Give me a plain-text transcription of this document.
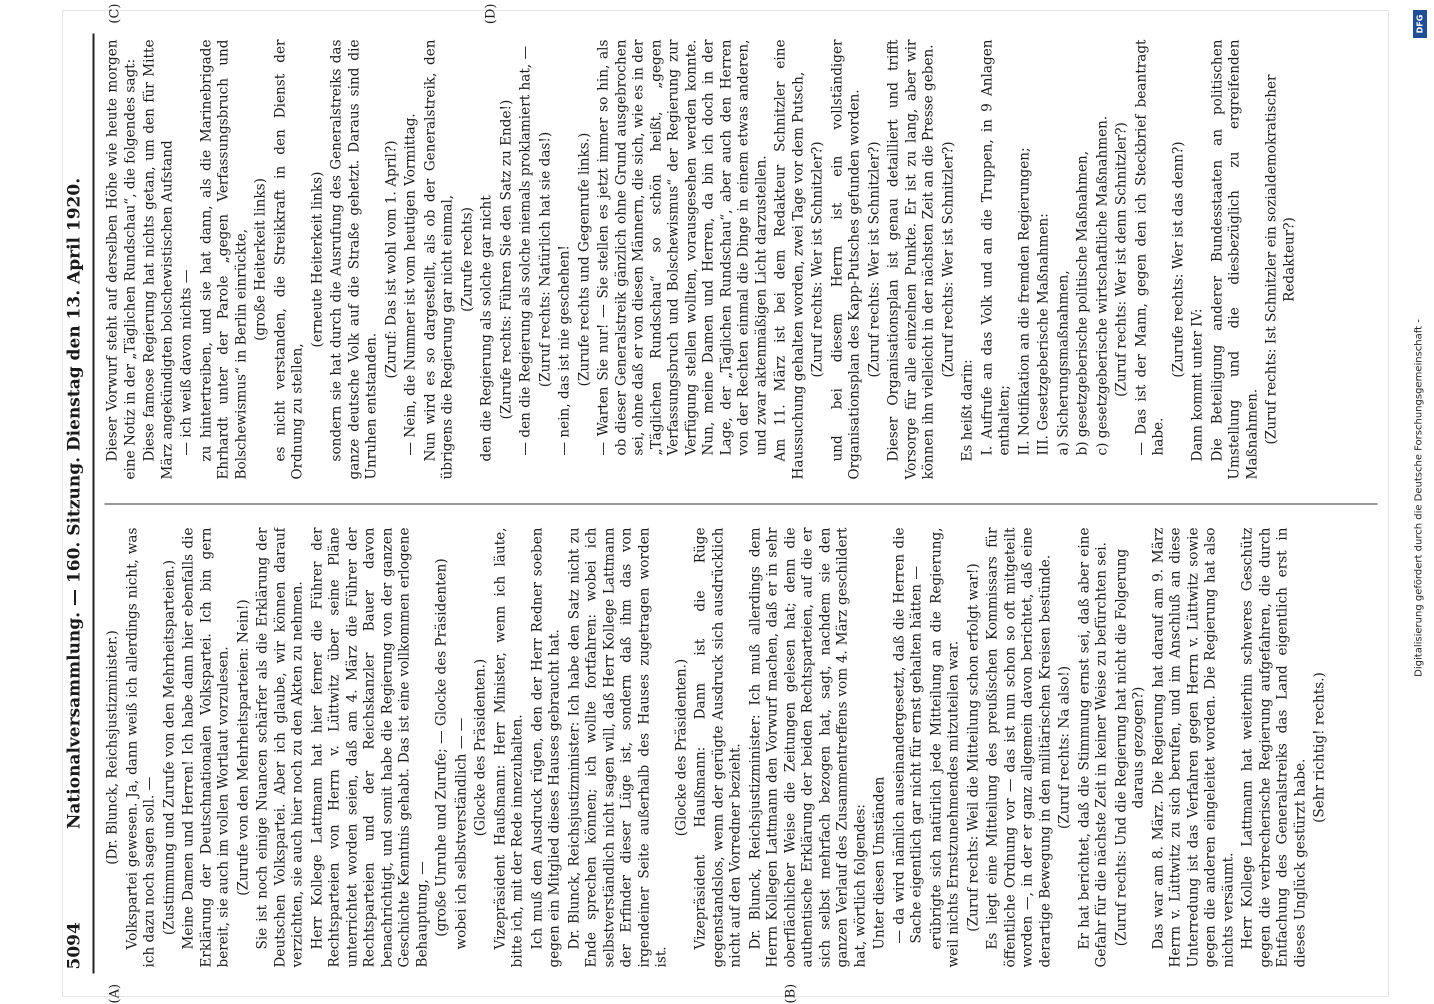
5094
Nationalversammlung. — 160. Sitzung. Dienstag den 13. April 1920.
(A)	(B)
(C)	(D)

(Dr. Blunck, Reichsjustizminister.) Volkspartei gewesen. Ja, dann weiß ich allerdings nicht, was ich dazu noch sagen soll. — (Zustimmung und Zurufe von den Mehrheitsparteien.) Meine Damen und Herren! Ich habe dann hier ebenfalls die Erklärung der Deutschnationalen Volkspartei. Ich bin gern bereit, sie auch im vollen Wortlaut vorzulesen. (Zurufe von den Mehrheitsparteien: Nein!) Sie ist noch einige Nuancen schärfer als die Erklärung der Deutschen Volkspartei. Aber ich glaube, wir können darauf verzichten, sie auch hier noch zu den Akten zu nehmen. Herr Kollege Lattmann hat hier ferner die Führer der Rechtsparteien von Herrn v. Lüttwitz über seine Pläne unterrichtet worden seien, daß am 4. März die Führer der Rechtsparteien und der Reichskanzler Bauer davon benachrichtigt, und somit habe die Regierung von der ganzen Geschichte Kenntnis gehabt. Das ist eine vollkommen erlogene Behauptung, — (große Unruhe und Zurufe; — Glocke des Präsidenten) wobei ich selbstverständlich — — (Glocke des Präsidenten.) Vizepräsident Haußmann: Herr Minister, wenn ich läute, bitte ich, mit der Rede innezuhalten. Ich muß den Ausdruck rügen, den der Herr Redner soeben gegen ein Mitglied dieses Hauses gebraucht hat. Dr. Blunck, Reichsjustizminister: Ich habe den Satz nicht zu Ende sprechen können; ich wollte fortfahren: wobei ich selbstverständlich nicht sagen will, daß Herr Kollege Lattmann der Erfinder dieser Lüge ist, sondern daß ihm das von irgendeiner Seite außerhalb des Hauses zugetragen worden ist.

(Glocke des Präsidenten.) Vizepräsident Haußmann: Dann ist die Rüge gegenstandslos, wenn der gerügte Ausdruck sich ausdrücklich nicht auf den Vorredner bezieht. Dr. Blunck, Reichsjustizminister: Ich muß allerdings dem Herrn Kollegen Lattmann den Vorwurf machen, daß er in sehr oberflächlicher Weise die Zeitungen gelesen hat; denn die authentische Erklärung der beiden Rechtsparteien, auf die er sich selbst mehrfach bezogen hat, sagt, nachdem sie den ganzen Verlauf des Zusammentreffens vom 4. März geschildert hat, wörtlich folgendes: Unter diesen Umständen — da wird nämlich auseinandergesetzt, daß die Herren die Sache eigentlich gar nicht für ernst gehalten hätten — erübrigte sich natürlich jede Mitteilung an die Regierung, weil nichts Ernstzunehmendes mitzuteilen war. (Zuruf rechts: Weil die Mitteilung schon erfolgt war!) Es liegt eine Mitteilung des preußischen Kommissars für öffentliche Ordnung vor — das ist nun schon so oft mitgeteilt worden —, in der er ganz allgemein davon berichtet, daß eine derartige Bewegung in den militärischen Kreisen bestünde. (Zuruf rechts: Na also!) Er hat berichtet, daß die Stimmung ernst sei, daß aber eine Gefahr für die nächste Zeit in keiner Weise zu befürchten sei. (Zuruf rechts: Und die Regierung hat nicht die Folgerung daraus gezogen?) Das war am 8. März. Die Regierung hat darauf am 9. März Herrn v. Lüttwitz zu sich berufen, und im Anschluß an diese Unterredung ist das Verfahren gegen Herrn v. Lüttwitz sowie gegen die anderen eingeleitet worden. Die Regierung hat also nichts versäumt. Herr Kollege Lattmann hat weiterhin schweres Geschütz gegen die verbrecherische Regierung aufgefahren, die durch Entfachung des Generalstreiks das Land eigentlich erst in dieses Unglück gestürzt habe.

(Sehr richtig! rechts.)

Dieser Vorwurf steht auf derselben Höhe wie heute morgen eine Notiz in der „Täglichen Rundschau“, die folgendes sagt: Diese famose Regierung hat nichts getan, um den für Mitte März angekündigten bolschewistischen Aufstand — ich weiß davon nichts — zu hintertreiben, und sie hat dann, als die Marinebrigade Ehrhardt unter der Parole „gegen Verfassungsbruch und Bolschewismus“ in Berlin einrückte, (große Heiterkeit links) es nicht verstanden, die Streikkraft in den Dienst der Ordnung zu stellen,

(erneute Heiterkeit links) sondern sie hat durch die Ausrufung des Generalstreiks das ganze deutsche Volk auf die Straße gehetzt. Daraus sind die Unruhen entstanden.

(Zuruf: Das ist wohl vom 1. April?) — Nein, die Nummer ist vom heutigen Vormittag. Nun wird es so dargestellt, als ob der Generalstreik, den übrigens die Regierung gar nicht einmal, (Zurufe rechts) den die Regierung als solche gar nicht (Zurufe rechts: Führen Sie den Satz zu Ende!) — den die Regierung als solche niemals proklamiert hat, — (Zuruf rechts: Natürlich hat sie das!) — nein, das ist nie geschehen! (Zurufe rechts und Gegenrufe links.) — Warten Sie nur! — Sie stellen es jetzt immer so hin, als ob dieser Generalstreik gänzlich ohne Grund ausgebrochen sei, ohne daß er von diesen Männern, die sich, wie es in der „Täglichen Rundschau“ so schön heißt, „gegen Verfassungsbruch und Bolschewismus“ der Regierung zur Verfügung stellen wollten, vorausgesehen werden konnte. Nun, meine Damen und Herren, da bin ich doch in der Lage, der „Täglichen Rundschau“, aber auch den Herren von der Rechten einmal die Dinge in einem etwas anderen, und zwar aktenmäßigen Licht darzustellen. Am 11. März ist bei dem Redakteur Schnitzler eine Haussuchung gehalten worden, zwei Tage vor dem Putsch, (Zuruf rechts: Wer ist Schnitzler?) und bei diesem Herrn ist ein vollständiger Organisationsplan des Kapp-Putsches gefunden worden. (Zuruf rechts: Wer ist Schnitzler?) Dieser Organisationsplan ist genau detailliert und trifft Vorsorge für alle einzelnen Punkte. Er ist zu lang, aber wir können ihn vielleicht in der nächsten Zeit an die Presse geben. (Zuruf rechts: Wer ist Schnitzler?)

Es heißt darin: I. Aufrufe an das Volk und an die Truppen, in 9 Anlagen enthalten; II. Notifikation an die fremden Regierungen; III. Gesetzgeberische Maßnahmen: a) Sicherungsmaßnahmen, b) gesetzgeberische politische Maßnahmen, c) gesetzgeberische wirtschaftliche Maßnahmen. (Zuruf rechts: Wer ist denn Schnitzler?) — Das ist der Mann, gegen den ich Steckbrief beantragt habe.

(Zurufe rechts: Wer ist das denn?)

Dann kommt unter IV: Die Beteiligung anderer Bundesstaaten an politischen Umstellung und die diesbezüglich zu ergreifenden Maßnahmen. (Zuruf rechts: Ist Schnitzler ein sozialdemokratischer Redakteur?)

Digitalisierung gefördert durch die Deutsche Forschungsgemeinschaft -
DFG
